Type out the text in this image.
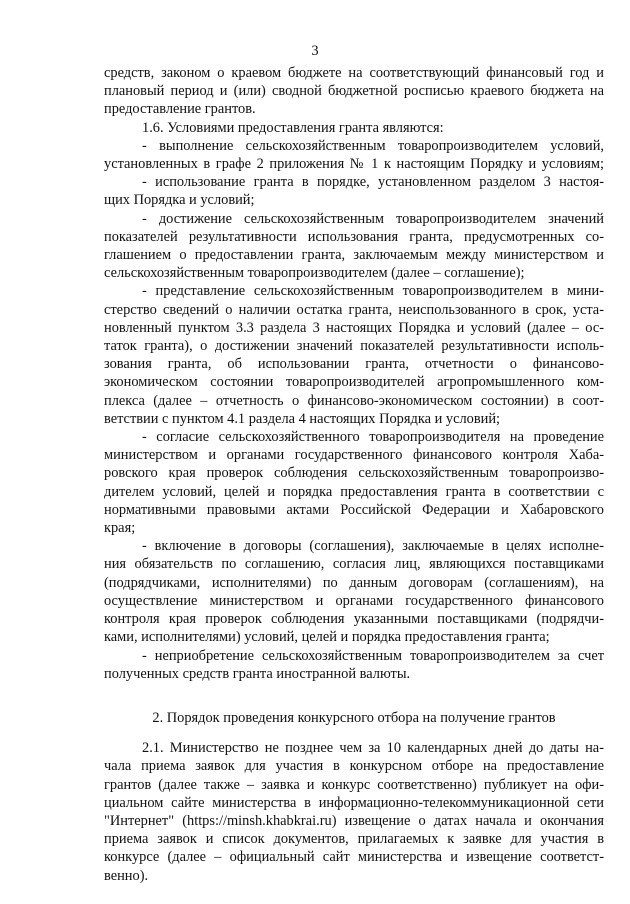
3
средств, законом о краевом бюджете на соответствующий финансовый год и
плановый период и (или) сводной бюджетной росписью краевого бюджета на
предоставление грантов.
1.6. Условиями предоставления гранта являются:
- выполнение сельскохозяйственным товаропроизводителем условий,
установленных в графе 2 приложения № 1 к настоящим Порядку и условиям;
- использование гранта в порядке, установленном разделом 3 настоя-
щих Порядка и условий;
- достижение сельскохозяйственным товаропроизводителем значений
показателей результативности использования гранта, предусмотренных со-
глашением о предоставлении гранта, заключаемым между министерством и
сельскохозяйственным товаропроизводителем (далее – соглашение);
- представление сельскохозяйственным товаропроизводителем в мини-
стерство сведений о наличии остатка гранта, неиспользованного в срок, уста-
новленный пунктом 3.3 раздела 3 настоящих Порядка и условий (далее – ос-
таток гранта), о достижении значений показателей результативности исполь-
зования гранта, об использовании гранта, отчетности о финансово-
экономическом состоянии товаропроизводителей агропромышленного ком-
плекса (далее – отчетность о финансово-экономическом состоянии) в соот-
ветствии с пунктом 4.1 раздела 4 настоящих Порядка и условий;
- согласие сельскохозяйственного товаропроизводителя на проведение
министерством и органами государственного финансового контроля Хаба-
ровского края проверок соблюдения сельскохозяйственным товаропроизво-
дителем условий, целей и порядка предоставления гранта в соответствии с
нормативными правовыми актами Российской Федерации и Хабаровского
края;
- включение в договоры (соглашения), заключаемые в целях исполне-
ния обязательств по соглашению, согласия лиц, являющихся поставщиками
(подрядчиками, исполнителями) по данным договорам (соглашениям), на
осуществление министерством и органами государственного финансового
контроля края проверок соблюдения указанными поставщиками (подрядчи-
ками, исполнителями) условий, целей и порядка предоставления гранта;
- неприобретение сельскохозяйственным товаропроизводителем за счет
полученных средств гранта иностранной валюты.
2. Порядок проведения конкурсного отбора на получение грантов
2.1. Министерство не позднее чем за 10 календарных дней до даты на-
чала приема заявок для участия в конкурсном отборе на предоставление
грантов (далее также – заявка и конкурс соответственно) публикует на офи-
циальном сайте министерства в информационно-телекоммуникационной сети
"Интернет" (https://minsh.khabkrai.ru) извещение о датах начала и окончания
приема заявок и список документов, прилагаемых к заявке для участия в
конкурсе (далее – официальный сайт министерства и извещение соответст-
венно).
